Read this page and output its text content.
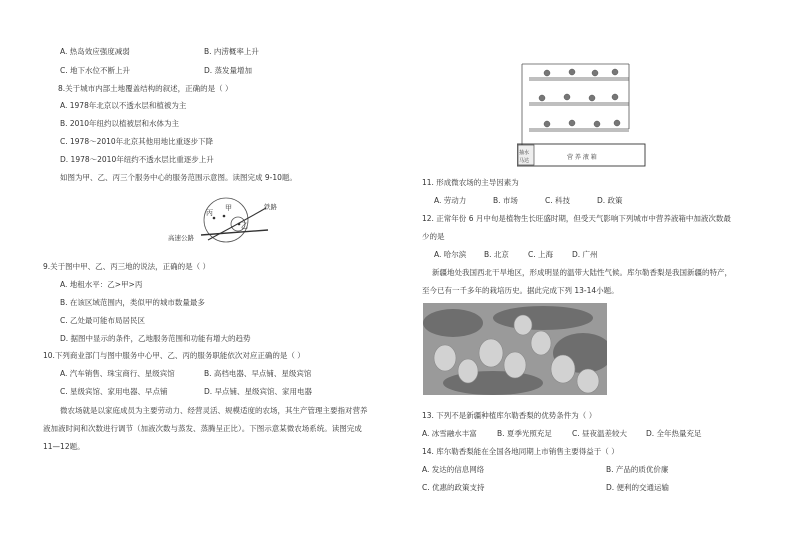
A. 热岛效应强度减弱	B. 内涝概率上升
C. 地下水位不断上升	D. 蒸发量增加
8.关于城市内部土地覆盖结构的叙述，正确的是（ ）
A. 1978年北京以不透水层和植被为主
B. 2010年纽约以植被层和水体为主
C. 1978～2010年北京其他用地比重逐步下降
D. 1978～2010年纽约不透水层比重逐步上升
如图为甲、乙、丙三个服务中心的服务范围示意图。读图完成 9-10题。
丙
甲
乙
铁路
高速公路
9.关于图中甲、乙、丙三地的说法，正确的是（ ）
A. 地租水平：乙>甲>丙
B. 在该区域范围内，类似甲的城市数量最多
C. 乙处最可能布局居民区
D. 据图中显示的条件，乙地服务范围和功能有增大的趋势
10.下列商业部门与图中服务中心甲、乙、丙的服务职能依次对应正确的是（ ）
A. 汽车销售、珠宝商行、星级宾馆	B. 高档电器、早点铺、星级宾馆
C. 星级宾馆、家用电器、早点铺	D. 早点铺、星级宾馆、家用电器
微农场就是以家庭成员为主要劳动力、经营灵活、规模适度的农场，其生产管理主要指对营养
液加液时间和次数进行调节（加液次数与蒸发、蒸腾呈正比）。下图示意某微农场系统。读图完成
11—12题。
抽水
马达	营 养 液 箱
11. 形成微农场的主导因素为
A. 劳动力	B. 市场	C. 科技	D. 政策
12. 正常年份 6 月中旬是植物生长旺盛时期，但受天气影响下列城市中营养液箱中加液次数最
少的是
A. 哈尔滨 B. 北京	C. 上海	D. 广州
新疆地处我国西北干旱地区，形成明显的温带大陆性气候。库尔勒香梨是我国新疆的特产，
至今已有一千多年的栽培历史。据此完成下列 13-14小题。
13. 下列不是新疆种植库尔勒香梨的优势条件为（ ）
A. 冰雪融水丰富	B. 夏季光照充足	C. 昼夜温差较大	D. 全年热量充足
14. 库尔勒香梨能在全国各地同期上市销售主要得益于（ ）
A. 发达的信息网络	B. 产品的质优价廉
C. 优惠的政策支持	D. 便利的交通运输
